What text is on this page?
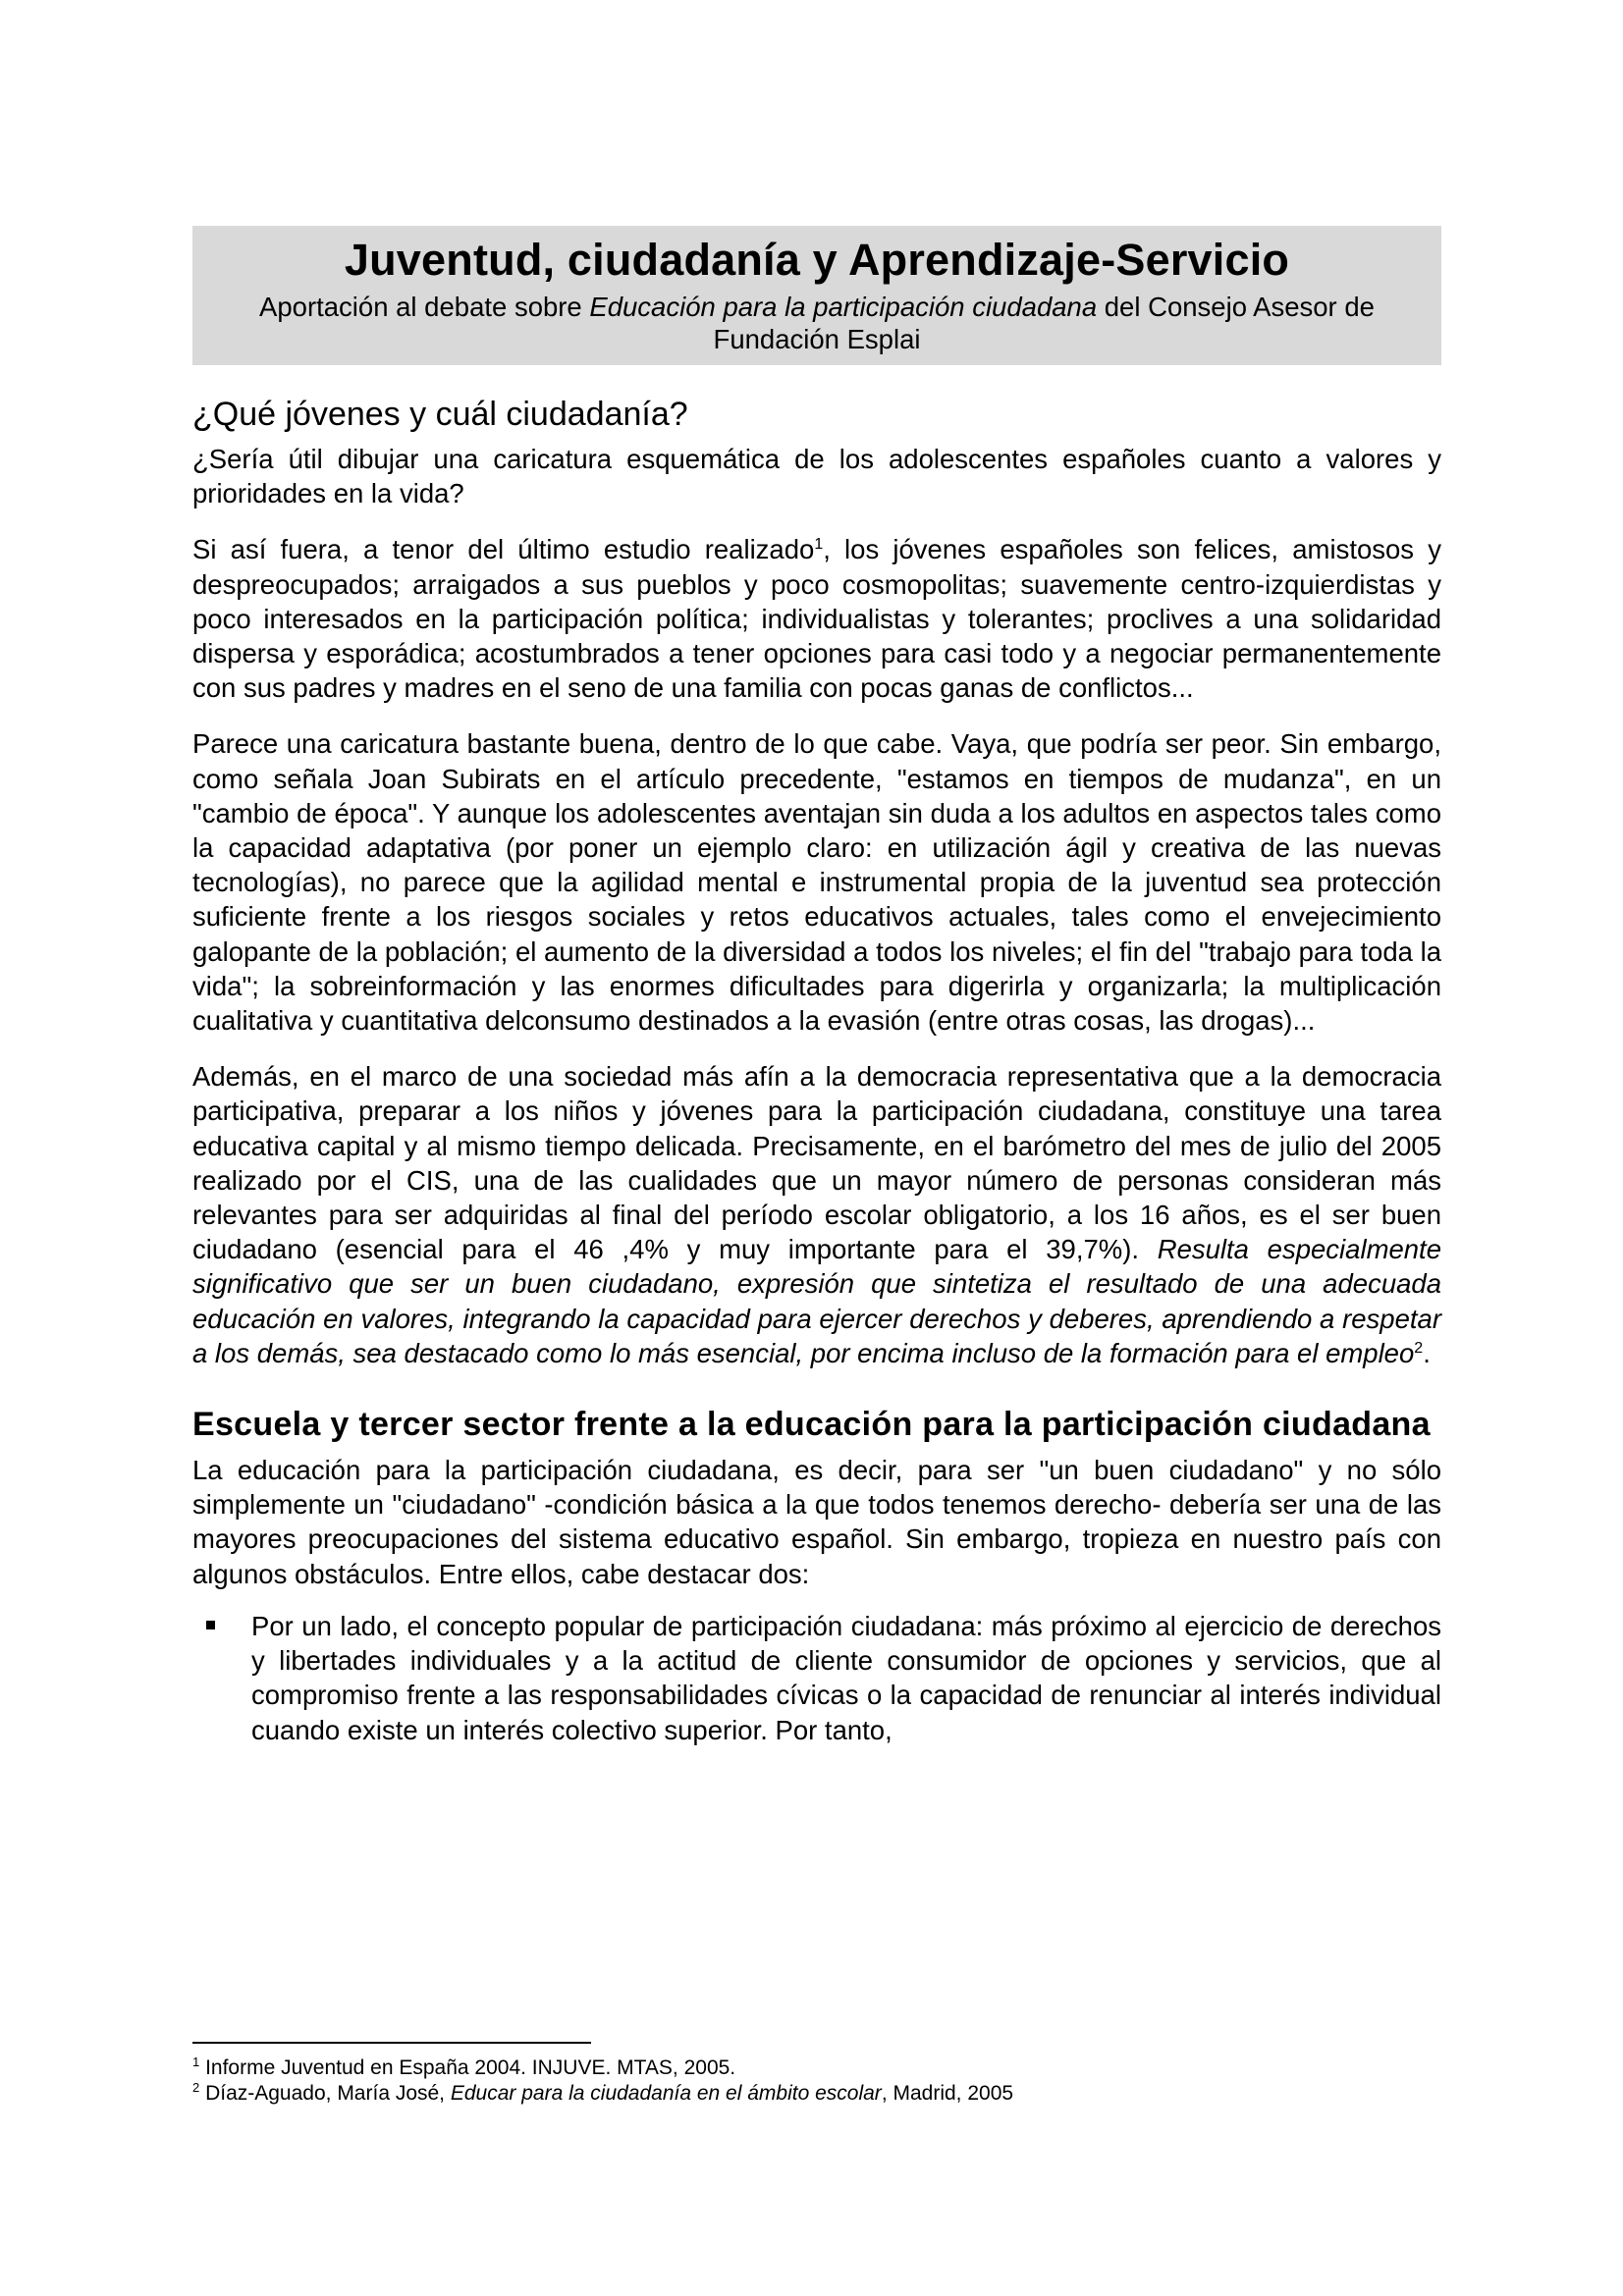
Juventud, ciudadanía y Aprendizaje-Servicio
Aportación al debate sobre Educación para la participación ciudadana del Consejo Asesor de Fundación Esplai
¿Qué jóvenes y cuál ciudadanía?

¿Sería útil dibujar una caricatura esquemática de los adolescentes españoles cuanto a valores y prioridades en la vida?

Si así fuera, a tenor del último estudio realizado$^1$, los jóvenes españoles son felices, amistosos y despreocupados; arraigados a sus pueblos y poco cosmopolitas; suavemente centro-izquierdistas y poco interesados en la participación política; individualistas y tolerantes; proclives a una solidaridad dispersa y esporádica; acostumbrados a tener opciones para casi todo y a negociar permanentemente con sus padres y madres en el seno de una familia con pocas ganas de conflictos...

Parece una caricatura bastante buena, dentro de lo que cabe. Vaya, que podría ser peor. Sin embargo, como señala Joan Subirats en el artículo precedente, "estamos en tiempos de mudanza", en un "cambio de época". Y aunque los adolescentes aventajan sin duda a los adultos en aspectos tales como la capacidad adaptativa (por poner un ejemplo claro: en utilización ágil y creativa de las nuevas tecnologías), no parece que la agilidad mental e instrumental propia de la juventud sea protección suficiente frente a los riesgos sociales y retos educativos actuales, tales como el envejecimiento galopante de la población; el aumento de la diversidad a todos los niveles; el fin del "trabajo para toda la vida"; la sobreinformación y las enormes dificultades para digerirla y organizarla; la multiplicación cualitativa y cuantitativa delconsumo destinados a la evasión (entre otras cosas, las drogas)...

Además, en el marco de una sociedad más afín a la democracia representativa que a la democracia participativa, preparar a los niños y jóvenes para la participación ciudadana, constituye una tarea educativa capital y al mismo tiempo delicada. Precisamente, en el barómetro del mes de julio del 2005 realizado por el CIS, una de las cualidades que un mayor número de personas consideran más relevantes para ser adquiridas al final del período escolar obligatorio, a los 16 años, es el ser buen ciudadano (esencial para el 46 ,4% y muy importante para el 39,7%). Resulta especialmente significativo que ser un buen ciudadano, expresión que sintetiza el resultado de una adecuada educación en valores, integrando la capacidad para ejercer derechos y deberes, aprendiendo a respetar a los demás, sea destacado como lo más esencial, por encima incluso de la formación para el empleo$^2$.

Escuela y tercer sector frente a la educación para la participación ciudadana

La educación para la participación ciudadana, es decir, para ser "un buen ciudadano" y no sólo simplemente un "ciudadano" -condición básica a la que todos tenemos derecho- debería ser una de las mayores preocupaciones del sistema educativo español. Sin embargo, tropieza en nuestro país con algunos obstáculos. Entre ellos, cabe destacar dos:

Por un lado, el concepto popular de participación ciudadana: más próximo al ejercicio de derechos y libertades individuales y a la actitud de cliente consumidor de opciones y servicios, que al compromiso frente a las responsabilidades cívicas o la capacidad de renunciar al interés individual cuando existe un interés colectivo superior. Por tanto,
$^1$ Informe Juventud en España 2004. INJUVE. MTAS, 2005.
$^2$ Díaz-Aguado, María José, Educar para la ciudadanía en el ámbito escolar, Madrid, 2005
